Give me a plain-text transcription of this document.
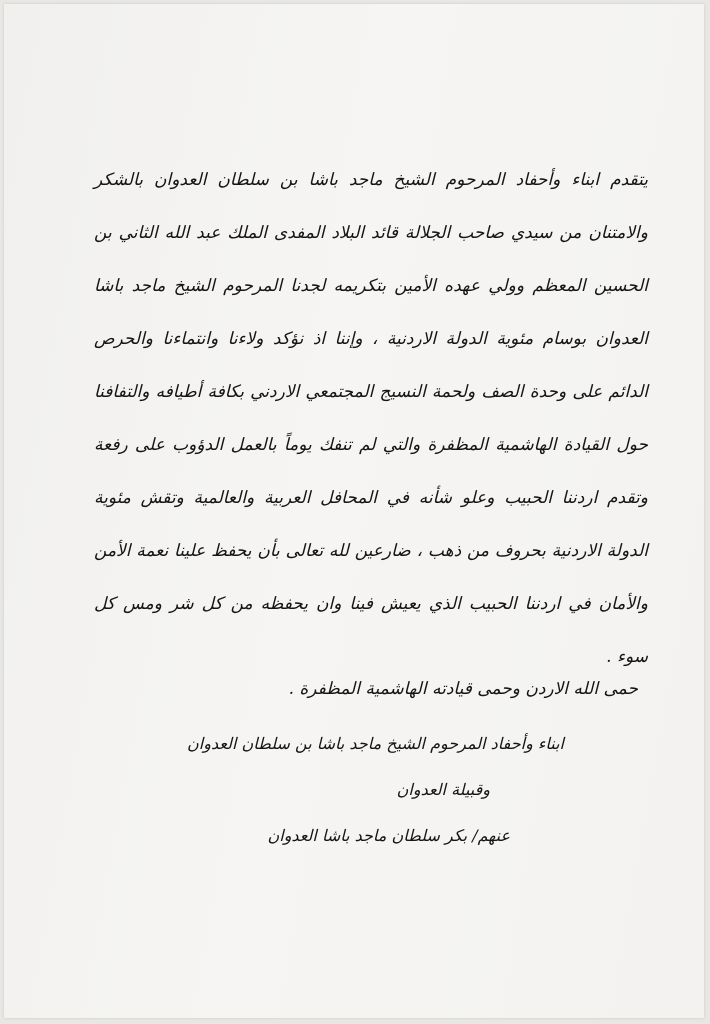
يتقدم ابناء وأحفاد المرحوم الشيخ ماجد باشا بن سلطان العدوان بالشكر والامتنان من سيدي صاحب الجلالة قائد البلاد المفدى الملك عبد الله الثاني بن الحسين المعظم وولي عهده الأمين بتكريمه لجدنا المرحوم الشيخ ماجد باشا العدوان بوسام مئوية الدولة الاردنية ، وإننا اذ نؤكد ولاءنا وانتماءنا والحرص الدائم على وحدة الصف ولحمة النسيج المجتمعي الاردني بكافة أطيافه والتفافنا حول القيادة الهاشمية المظفرة والتي لم تنفك يوماً بالعمل الدؤوب على رفعة وتقدم اردننا الحبيب وعلو شأنه في المحافل العربية والعالمية وتقش مئوية الدولة الاردنية بحروف من ذهب ، ضارعين لله تعالى بأن يحفظ علينا نعمة الأمن والأمان في اردننا الحبيب الذي يعيش فينا وان يحفظه من كل شر ومس كل سوء .

حمى الله الاردن وحمى قيادته الهاشمية المظفرة .
ابناء وأحفاد المرحوم الشيخ ماجد باشا بن سلطان العدوان
وقبيلة العدوان
عنهم/ بكر سلطان ماجد باشا العدوان
